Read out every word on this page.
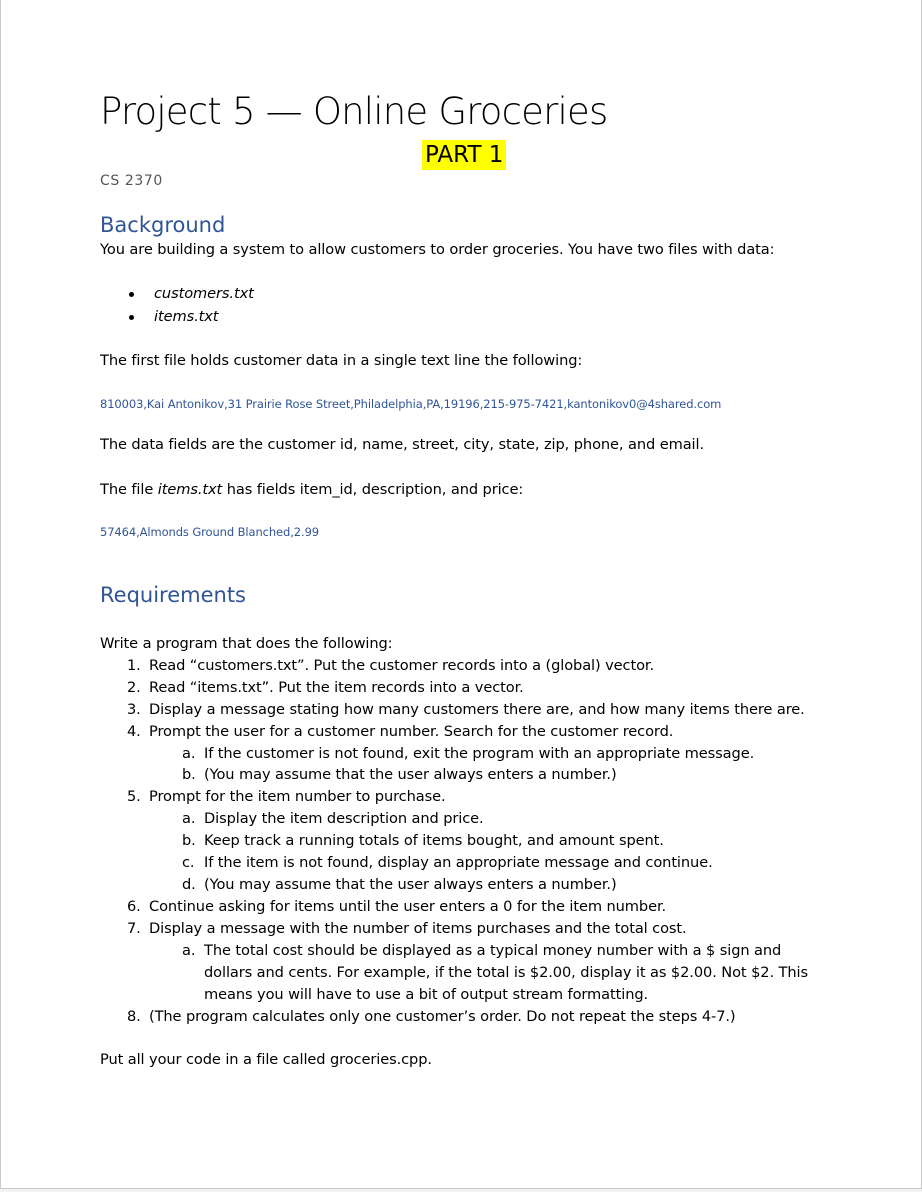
Project 5 — Online Groceries
PART 1
CS 2370
Background
You are building a system to allow customers to order groceries. You have two files with data:
customers.txt
items.txt
The first file holds customer data in a single text line the following:
810003,Kai Antonikov,31 Prairie Rose Street,Philadelphia,PA,19196,215-975-7421,kantonikov0@4shared.com
The data fields are the customer id, name, street, city, state, zip, phone, and email.
The file items.txt has fields item_id, description, and price:
57464,Almonds Ground Blanched,2.99
Requirements
Write a program that does the following:
1. Read “customers.txt”. Put the customer records into a (global) vector.
2. Read “items.txt”. Put the item records into a vector.
3. Display a message stating how many customers there are, and how many items there are.
4. Prompt the user for a customer number. Search for the customer record.
a. If the customer is not found, exit the program with an appropriate message.
b. (You may assume that the user always enters a number.)
5. Prompt for the item number to purchase.
a. Display the item description and price.
b. Keep track a running totals of items bought, and amount spent.
c. If the item is not found, display an appropriate message and continue.
d. (You may assume that the user always enters a number.)
6. Continue asking for items until the user enters a 0 for the item number.
7. Display a message with the number of items purchases and the total cost.
a. The total cost should be displayed as a typical money number with a $ sign and
dollars and cents. For example, if the total is $2.00, display it as $2.00. Not $2. This
means you will have to use a bit of output stream formatting.
8. (The program calculates only one customer’s order. Do not repeat the steps 4-7.)
Put all your code in a file called groceries.cpp.
